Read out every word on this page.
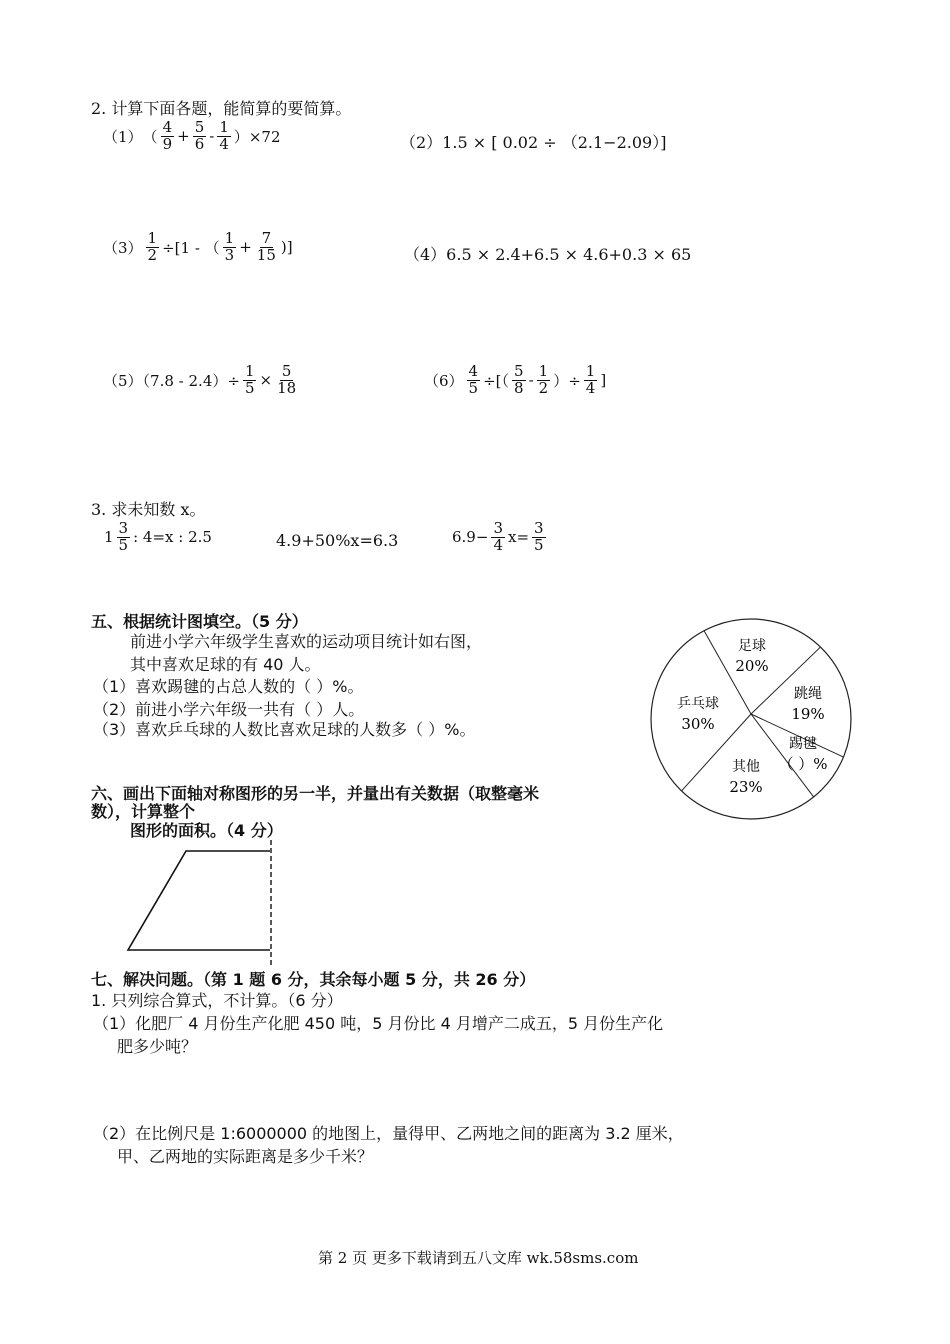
2. 计算下面各题，能简算的要简算。
（1） （ $\frac{4}{9} + \frac{5}{6} - \frac{1}{4} )\times 72$	（2）1.5 × [ 0.02 ÷ （2.1−2.09）]
$(3) \frac{1}{2} \div[1$ - （ $\frac{1}{3} + \frac{7}{15}$ )]	（4）6.5 × 2.4+6.5 × 4.6+0.3 × 65
$(5)(7.8 - 2.4)\div \frac{1}{5} \times \frac{5}{18}$	$(6) \frac{4}{5}$ ÷[（ $\frac{5}{8} - \frac{1}{2}$ ）÷ $\frac{1}{4}$ ]
3. 求未知数 x。
$1 \frac{3}{5}$ : 4=x : 2.5	4.9+50%x=6.3	$6.9- \frac{3}{4} x= \frac{3}{5}$
五、根据统计图填空。（5 分）
前进小学六年级学生喜欢的运动项目统计如右图，
其中喜欢足球的有 40 人。
（1）喜欢踢毽的占总人数的（ ）%。
（2）前进小学六年级一共有（ ）人。
（3）喜欢乒乓球的人数比喜欢足球的人数多（ ）%。
足球
20%
跳绳
19%
踢毽
（ ）%
其他
23%
乒乓球
30%
六、画出下面轴对称图形的另一半，并量出有关数据（取整毫米
数），计算整个
图形的面积。（4 分）
七、解决问题。（第 1 题 6 分，其余每小题 5 分，共 26 分）
1. 只列综合算式，不计算。（6 分）
（1）化肥厂 4 月份生产化肥 450 吨，5 月份比 4 月增产二成五，5 月份生产化
肥多少吨？
（2）在比例尺是 1:6000000 的地图上，量得甲、乙两地之间的距离为 3.2 厘米，
甲、乙两地的实际距离是多少千米？
第 2 页 更多下载请到五八文库 wk.58sms.com
